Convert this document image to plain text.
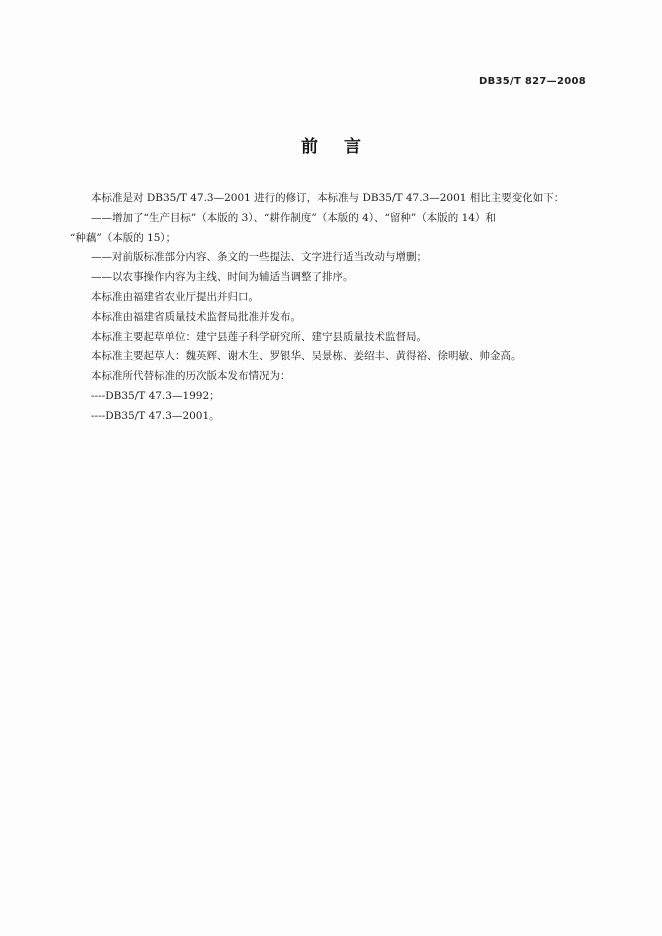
DB35/T 827—2008
前言

本标准是对 DB35/T 47.3—2001 进行的修订，本标准与 DB35/T 47.3—2001 相比主要变化如下：

——增加了“生产目标”（本版的 3）、“耕作制度”（本版的 4）、“留种”（本版的 14）和

“种藕”（本版的 15）；

——对前版标准部分内容、条文的一些提法、文字进行适当改动与增删；

——以农事操作内容为主线、时间为辅适当调整了排序。

本标准由福建省农业厅提出并归口。

本标准由福建省质量技术监督局批准并发布。

本标准主要起草单位：建宁县莲子科学研究所、建宁县质量技术监督局。

本标准主要起草人：魏英辉、谢木生、罗银华、吴景栋、姜绍丰、黄得裕、徐明敏、帅金高。

本标准所代替标准的历次版本发布情况为：

----DB35/T 47.3—1992；

----DB35/T 47.3—2001。
